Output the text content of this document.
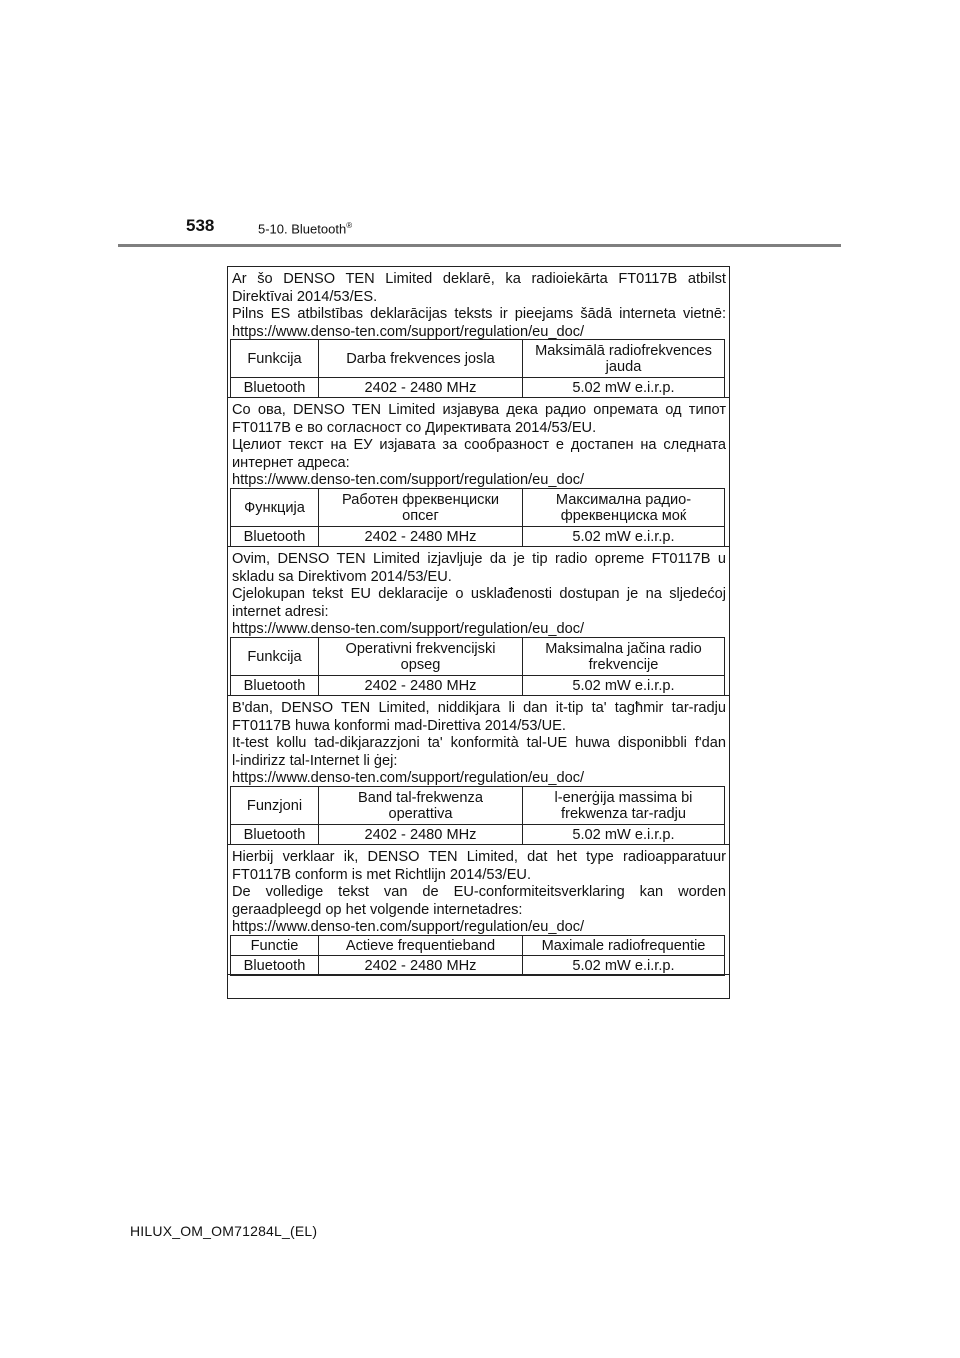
538	5-10. Bluetooth®

Ar šo DENSO TEN Limited deklarē, ka radioiekārta FT0117B atbilst

Direktīvai 2014/53/ES.

Pilns ES atbilstības deklarācijas teksts ir pieejams šādā interneta vietnē:

https://www.denso-ten.com/support/regulation/eu_doc/

Funkcija	Darba frekvences josla	Maksimālā radiofrekvences jauda
Bluetooth	2402 - 2480 MHz	5.02 mW e.i.r.p.

Со ова, DENSO TEN Limited изјавува дека радио опремата од типот

FT0117B е во согласност со Директивата 2014/53/EU.

Целиот текст на ЕУ изјавата за сообразност е достапен на следната

интернет адреса:

https://www.denso-ten.com/support/regulation/eu_doc/

Функција	Работен фреквенциски опсег	Максимална радио-фреквенциска моќ
Bluetooth	2402 - 2480 MHz	5.02 mW e.i.r.p.

Ovim, DENSO TEN Limited izjavljuje da je tip radio opreme FT0117B u

skladu sa Direktivom 2014/53/EU.

Cjelokupan tekst EU deklaracije o usklađenosti dostupan je na sljedećoj

internet adresi:

https://www.denso-ten.com/support/regulation/eu_doc/

Funkcija	Operativni frekvencijski opseg	Maksimalna jačina radio frekvencije
Bluetooth	2402 - 2480 MHz	5.02 mW e.i.r.p.

B'dan, DENSO TEN Limited, niddikjara li dan it-tip ta' tagħmir tar-radju

FT0117B huwa konformi mad-Direttiva 2014/53/UE.

It-test kollu tad-dikjarazzjoni ta' konformità tal-UE huwa disponibbli f'dan

l-indirizz tal-Internet li ġej:

https://www.denso-ten.com/support/regulation/eu_doc/

Funzjoni	Band tal-frekwenza operattiva	l-enerġija massima bi frekwenza tar-radju
Bluetooth	2402 - 2480 MHz	5.02 mW e.i.r.p.

Hierbij verklaar ik, DENSO TEN Limited, dat het type radioapparatuur

FT0117B conform is met Richtlijn 2014/53/EU.

De volledige tekst van de EU-conformiteitsverklaring kan worden

geraadpleegd op het volgende internetadres:

https://www.denso-ten.com/support/regulation/eu_doc/

Functie	Actieve frequentieband	Maximale radiofrequentie
Bluetooth	2402 - 2480 MHz	5.02 mW e.i.r.p.
HILUX_OM_OM71284L_(EL)
